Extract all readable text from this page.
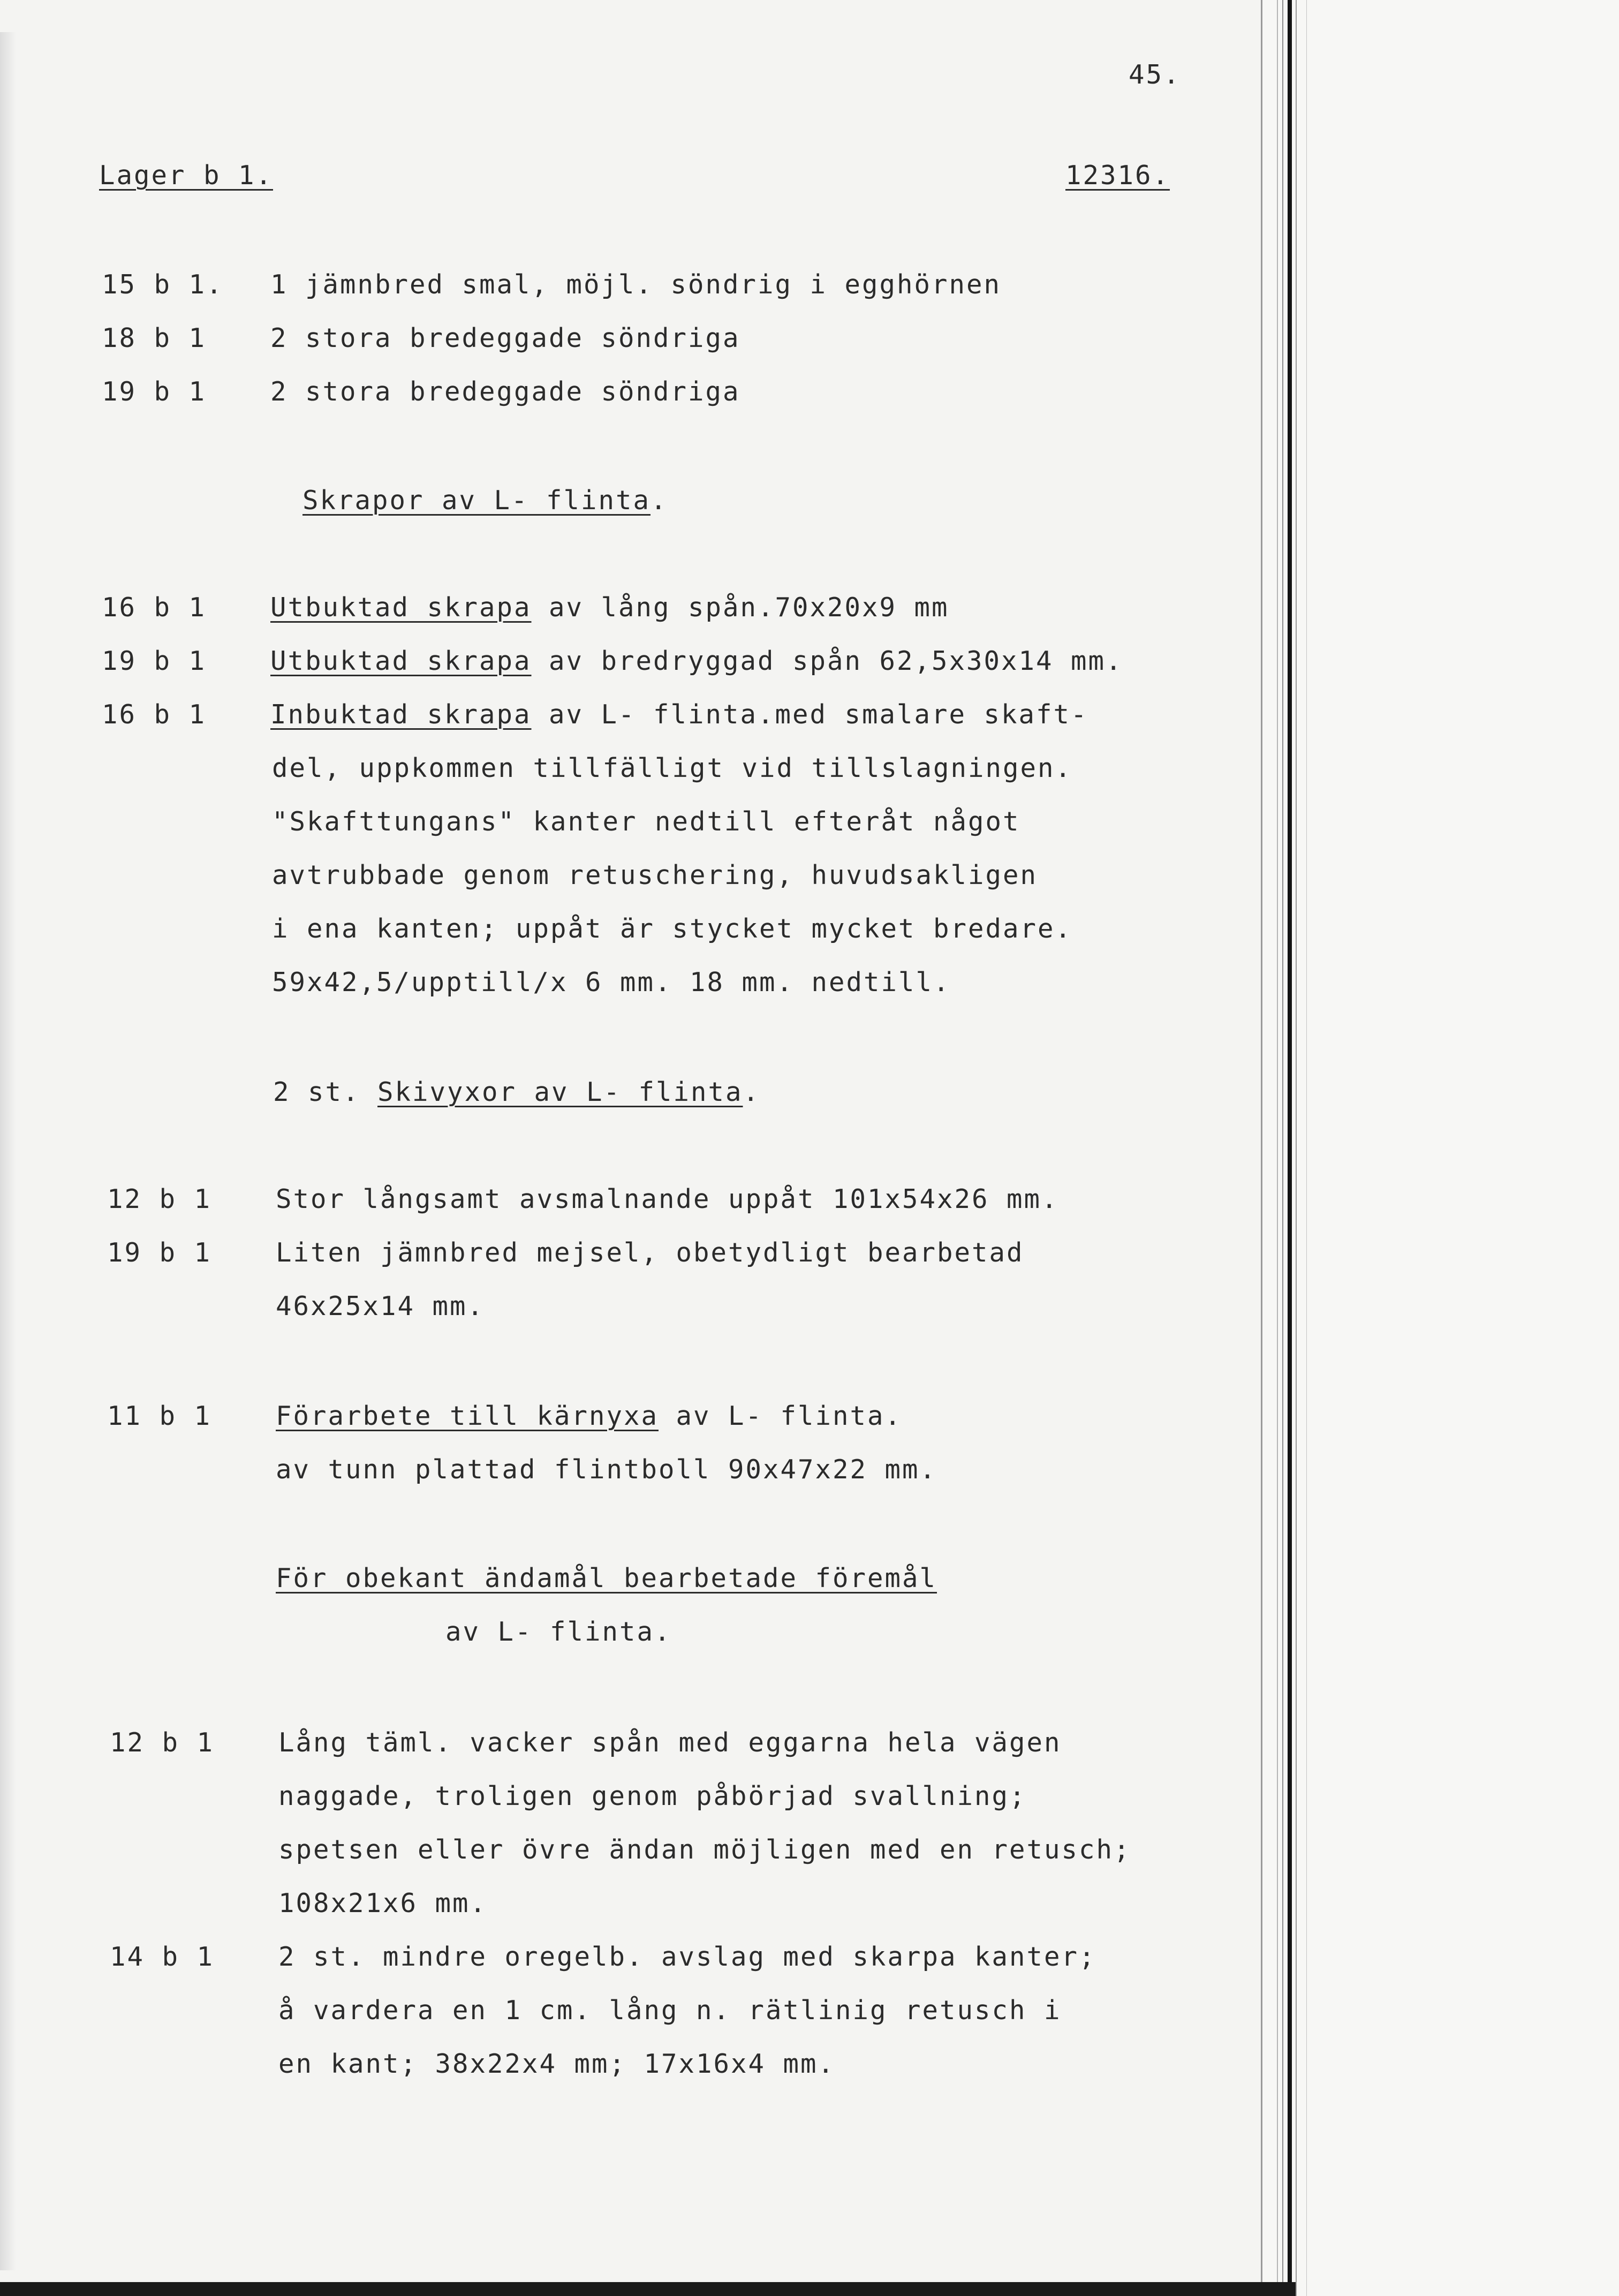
45.
Lager b 1.	12316.
15 b 1. 1 jämnbred smal, möjl. söndrig i egghörnen
18 b 1 2 stora bredeggade söndriga
19 b 1 2 stora bredeggade söndriga
Skrapor av L- flinta.
16 b 1 Utbuktad skrapa av lång spån.70x20x9 mm
19 b 1 Utbuktad skrapa av bredryggad spån 62,5x30x14 mm.
16 b 1 Inbuktad skrapa av L- flinta.med smalare skaft-
del, uppkommen tillfälligt vid tillslagningen.
"Skafttungans" kanter nedtill efteråt något
avtrubbade genom retuschering, huvudsakligen
i ena kanten; uppåt är stycket mycket bredare.
59x42,5/upptill/x 6 mm. 18 mm. nedtill.
2 st. Skivyxor av L- flinta.
12 b 1 Stor långsamt avsmalnande uppåt 101x54x26 mm.
19 b 1 Liten jämnbred mejsel, obetydligt bearbetad
46x25x14 mm.
11 b 1 Förarbete till kärnyxa av L- flinta.
av tunn plattad flintboll 90x47x22 mm.
För obekant ändamål bearbetade föremål
av L- flinta.
12 b 1 Lång täml. vacker spån med eggarna hela vägen
naggade, troligen genom påbörjad svallning;
spetsen eller övre ändan möjligen med en retusch;
108x21x6 mm.
14 b 1 2 st. mindre oregelb. avslag med skarpa kanter;
å vardera en 1 cm. lång n. rätlinig retusch i
en kant; 38x22x4 mm; 17x16x4 mm.
